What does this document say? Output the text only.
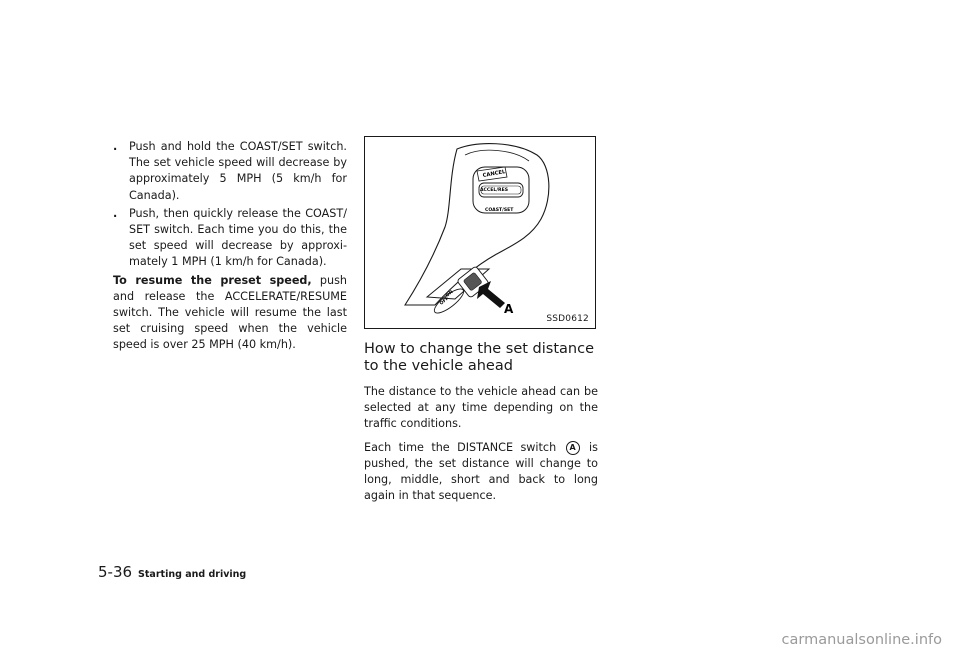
. Push and hold the COAST/SET switch. The set vehicle speed will decrease by approximately 5 MPH (5 km/h for Canada).
. Push, then quickly release the COAST/ SET switch. Each time you do this, the set speed will decrease by approxi- mately 1 MPH (1 km/h for Canada).
To resume the preset speed, push and release the ACCELERATE/RESUME switch. The vehicle will resume the last set cruising speed when the vehicle speed is over 25 MPH (40 km/h).
CANCEL
ACCEL/RES
COAST/SET
ON
OFF
A
SSD0612
How to change the set distance to the vehicle ahead

The distance to the vehicle ahead can be selected at any time depending on the traffic conditions.

Each time the DISTANCE switch A is pushed, the set distance will change to long, middle, short and back to long again in that sequence.

5-36 Starting and driving
carmanualsonline.info
